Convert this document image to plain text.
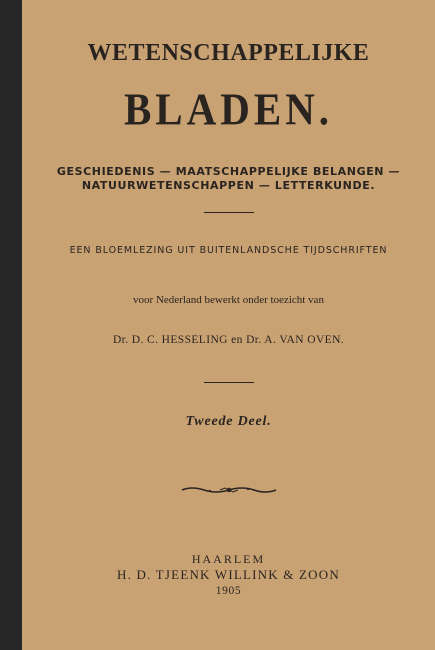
WETENSCHAPPELIJKE
BLADEN.
GESCHIEDENIS — MAATSCHAPPELIJKE BELANGEN —
NATUURWETENSCHAPPEN — LETTERKUNDE.
EEN BLOEMLEZING UIT BUITENLANDSCHE TIJDSCHRIFTEN
voor Nederland bewerkt onder toezicht van
Dr. D. C. HESSELING en Dr. A. VAN OVEN.
Tweede Deel.
HAARLEM
H. D. TJEENK WILLINK & ZOON
1905
